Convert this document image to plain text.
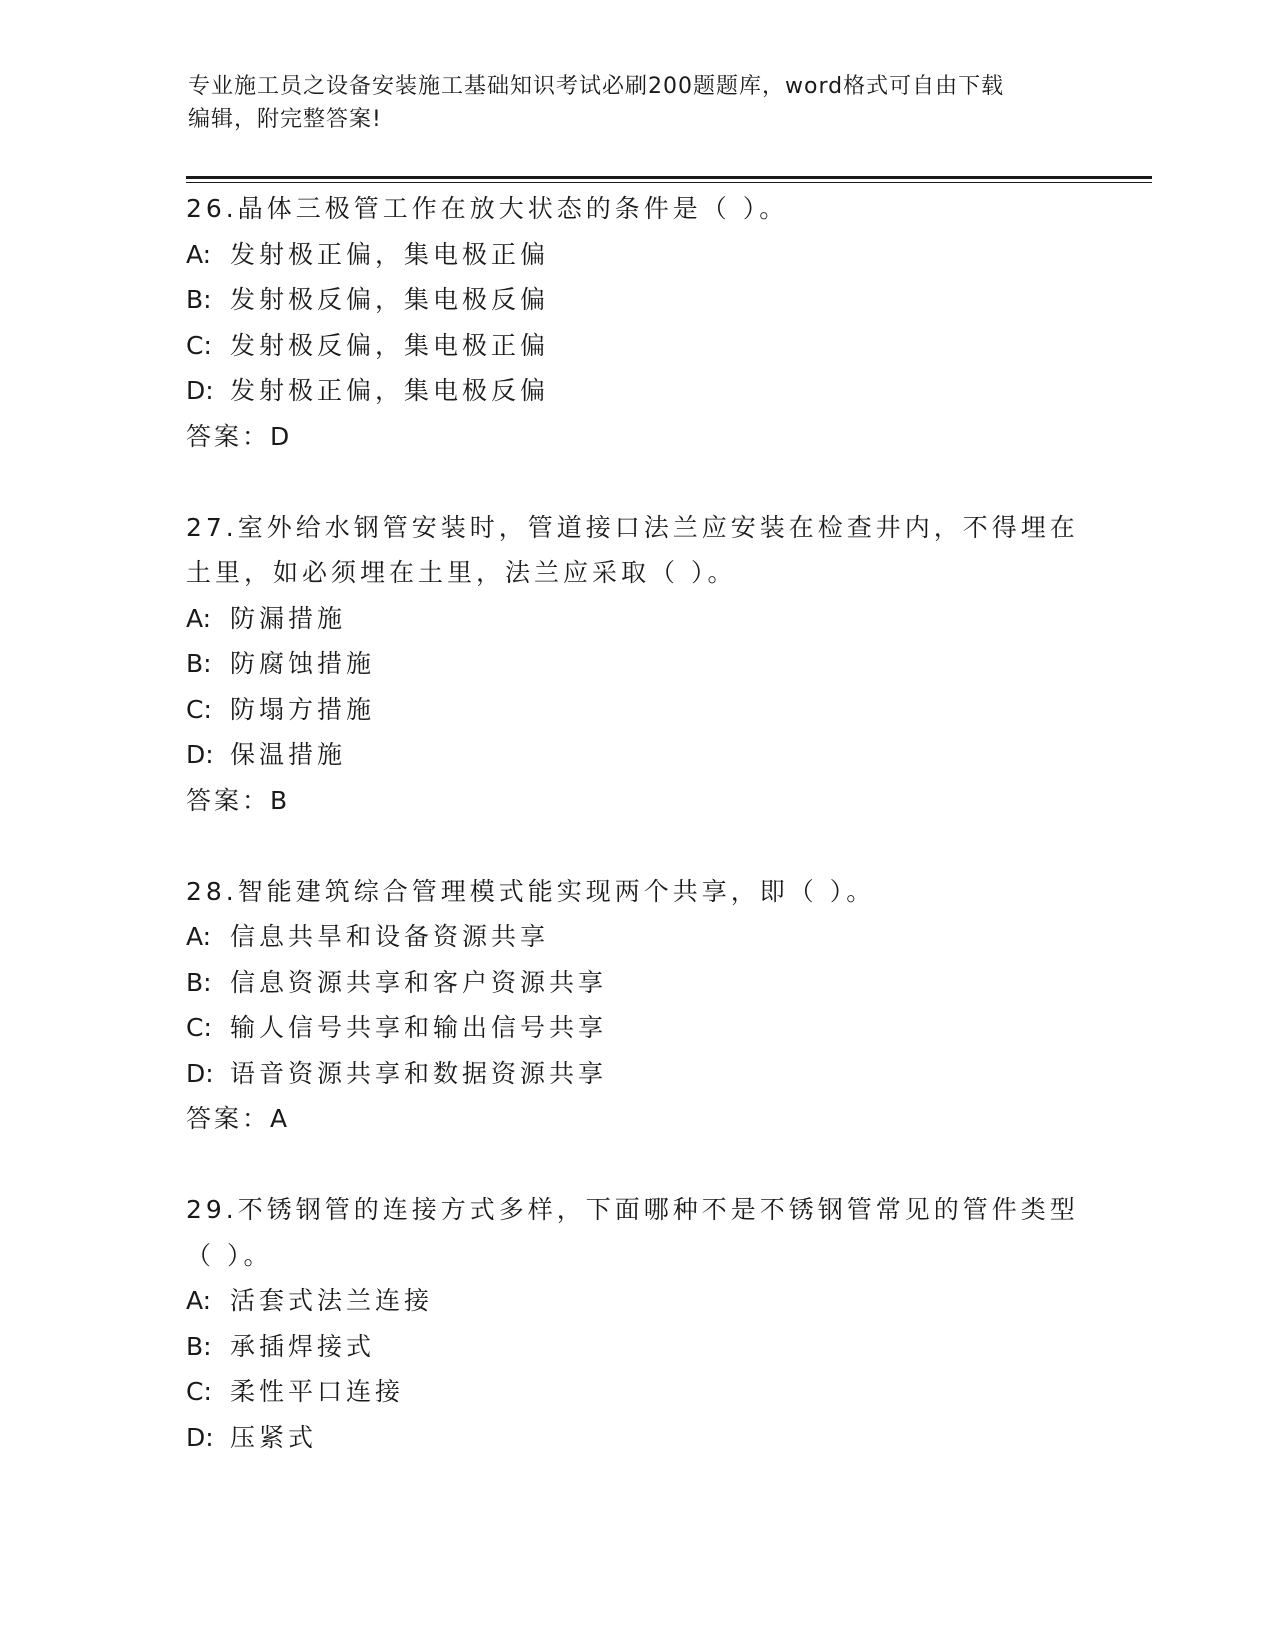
专业施工员之设备安装施工基础知识考试必刷200题题库，word格式可自由下载
编辑，附完整答案!
26.晶体三极管工作在放大状态的条件是（ ）。
A: 发射极正偏，集电极正偏
B: 发射极反偏，集电极反偏
C: 发射极反偏，集电极正偏
D: 发射极正偏，集电极反偏
答案：D
27.室外给水钢管安装时，管道接口法兰应安装在检查井内，不得埋在土里，如必须埋在土里，法兰应采取（ ）。
A: 防漏措施
B: 防腐蚀措施
C: 防塌方措施
D: 保温措施
答案：B
28.智能建筑综合管理模式能实现两个共享，即（ ）。
A: 信息共旱和设备资源共享
B: 信息资源共享和客户资源共享
C: 输人信号共享和输出信号共享
D: 语音资源共享和数据资源共享
答案：A
29.不锈钢管的连接方式多样，下面哪种不是不锈钢管常见的管件类型（ ）。
A: 活套式法兰连接
B: 承插焊接式
C: 柔性平口连接
D: 压紧式
